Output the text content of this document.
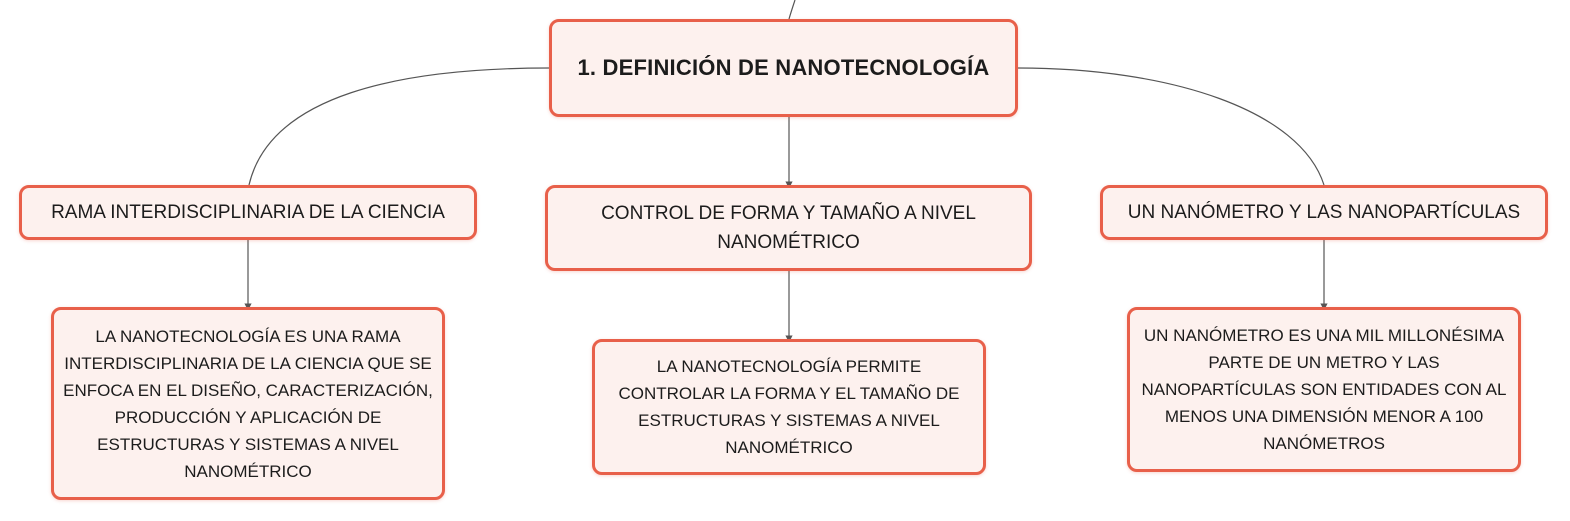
1. DEFINICIÓN DE NANOTECNOLOGÍA
RAMA INTERDISCIPLINARIA DE LA CIENCIA	CONTROL DE FORMA Y TAMAÑO A NIVEL NANOMÉTRICO
UN NANÓMETRO Y LAS NANOPARTÍCULAS
LA NANOTECNOLOGÍA ES UNA RAMA INTERDISCIPLINARIA DE LA CIENCIA QUE SE ENFOCA EN EL DISEÑO, CARACTERIZACIÓN, PRODUCCIÓN Y APLICACIÓN DE ESTRUCTURAS Y SISTEMAS A NIVEL NANOMÉTRICO
LA NANOTECNOLOGÍA PERMITE CONTROLAR LA FORMA Y EL TAMAÑO DE ESTRUCTURAS Y SISTEMAS A NIVEL NANOMÉTRICO
UN NANÓMETRO ES UNA MIL MILLONÉSIMA PARTE DE UN METRO Y LAS NANOPARTÍCULAS SON ENTIDADES CON AL MENOS UNA DIMENSIÓN MENOR A 100 NANÓMETROS
